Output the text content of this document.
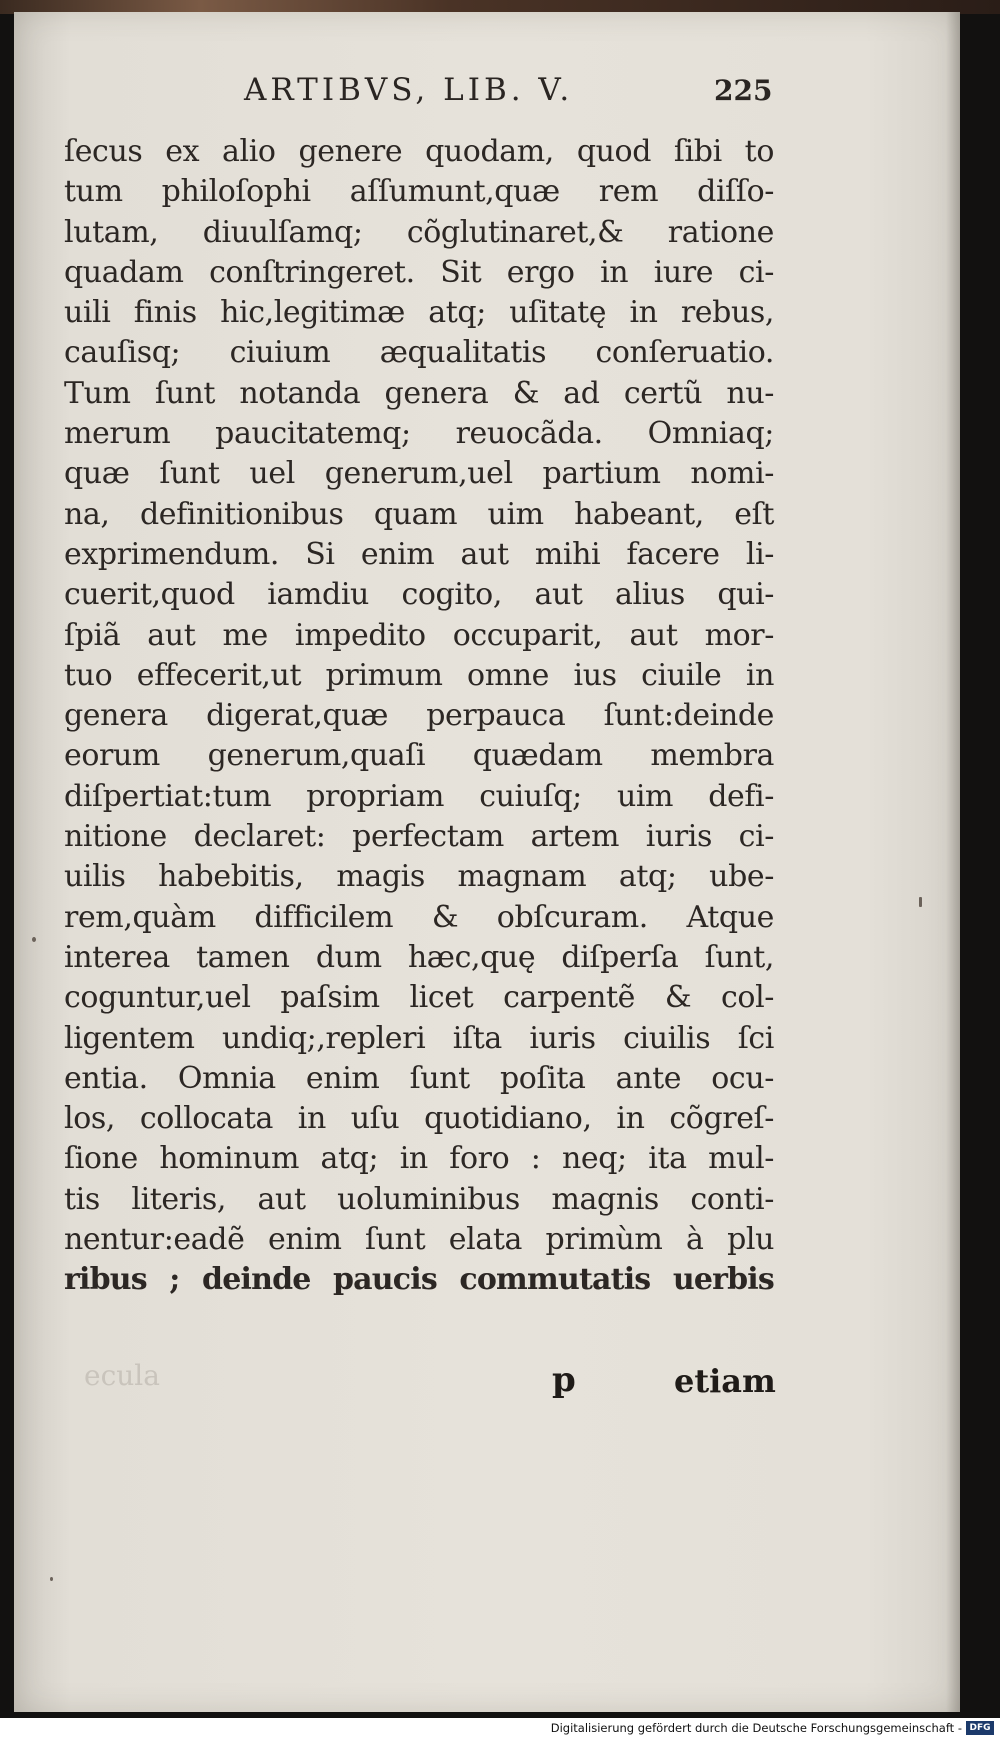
ARTIBVS, LIB. V.	225
ſecus ex alio genere quodam, quod ſibi to
tum philoſophi aſſumunt,quæ rem diſſo-
lutam, diuulſamq; cõglutinaret,& ratione
quadam conſtringeret. Sit ergo in iure ci-
uili finis hic,legitimæ atq; uſitatę in rebus,
cauſisq; ciuium æqualitatis conſeruatio.
Tum ſunt notanda genera & ad certũ nu-
merum paucitatemq; reuocãda. Omniaq;
quæ ſunt uel generum,uel partium nomi-
na, definitionibus quam uim habeant, eſt
exprimendum. Si enim aut mihi facere li-
cuerit,quod iamdiu cogito, aut alius qui-
ſpiã aut me impedito occuparit, aut mor-
tuo effecerit,ut primum omne ius ciuile in
genera digerat,quæ perpauca ſunt:deinde
eorum generum,quaſi quædam membra
diſpertiat:tum propriam cuiuſq; uim defi-
nitione declaret: perfectam artem iuris ci-
uilis habebitis, magis magnam atq; ube-
rem,quàm difficilem & obſcuram. Atque
interea tamen dum hæc,quę diſperſa ſunt,
coguntur,uel paſsim licet carpentẽ & col-
ligentem undiq;,repleri iſta iuris ciuilis ſci
entia. Omnia enim ſunt poſita ante ocu-
los, collocata in uſu quotidiano, in cõgreſ-
ſione hominum atq; in foro : neq; ita mul-
tis literis, aut uoluminibus magnis conti-
nentur:eadẽ enim ſunt elata primùm à plu
ribus ; deinde paucis commutatis uerbis
ecula	p	etiam
Digitalisierung gefördert durch die Deutsche Forschungsgemeinschaft - DFG
